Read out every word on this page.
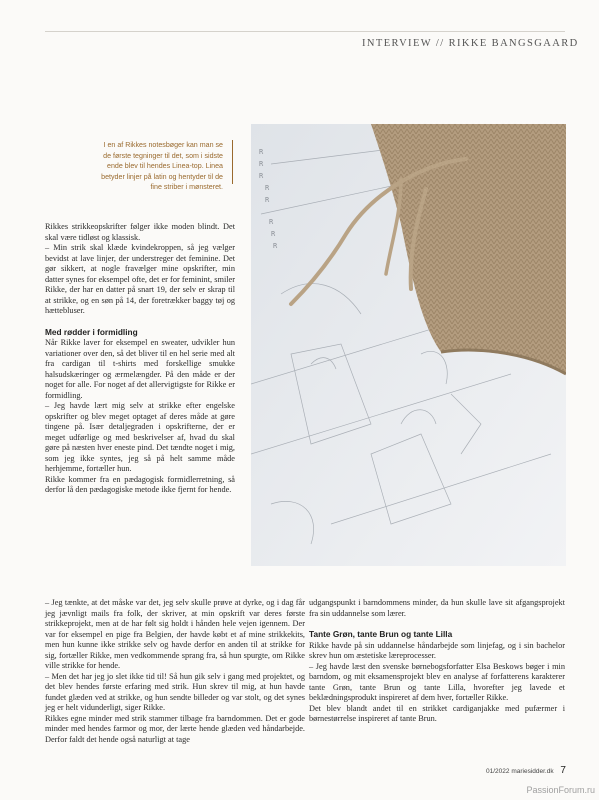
INTERVIEW // RIKKE BANGSGAARD
I en af Rikkes notesbøger kan man se de første tegninger til det, som i sidste ende blev til hendes Linea-top. Linea betyder linjer på latin og hentyder til de fine striber i mønsteret.
R
R
R
R
R
R
R
R

Rikkes strikkeopskrifter følger ikke moden blindt. Det skal være tidløst og klassisk.

– Min strik skal klæde kvindekroppen, så jeg vælger bevidst at lave linjer, der understreger det feminine. Det gør sikkert, at nogle fravælger mine opskrifter, min datter synes for eksempel ofte, det er for feminint, smiler Rikke, der har en datter på snart 19, der selv er skrap til at strikke, og en søn på 14, der foretrækker baggy tøj og hættebluser.

Med rødder i formidling

Når Rikke laver for eksempel en sweater, udvikler hun variationer over den, så det bliver til en hel serie med alt fra cardigan til t-shirts med forskellige smukke halsudskæringer og ærmelængder. På den måde er der noget for alle. For noget af det allervigtigste for Rikke er formidling.

– Jeg havde lært mig selv at strikke efter engelske opskrifter og blev meget optaget af deres måde at gøre tingene på. Især detaljegraden i opskrifterne, der er meget udførlige og med beskrivelser af, hvad du skal gøre på næsten hver eneste pind. Det tændte noget i mig, som jeg ikke syntes, jeg så på helt samme måde herhjemme, fortæller hun.

Rikke kommer fra en pædagogisk formidlerretning, så derfor lå den pædagogiske metode ikke fjernt for hende.

– Jeg tænkte, at det måske var det, jeg selv skulle prøve at dyrke, og i dag får jeg jævnligt mails fra folk, der skriver, at min opskrift var deres første strikkeprojekt, men at de har følt sig holdt i hånden hele vejen igennem. Der var for eksempel en pige fra Belgien, der havde købt et af mine strikkekits, men hun kunne ikke strikke selv og havde derfor en anden til at strikke for sig, fortæller Rikke, men vedkommende sprang fra, så hun spurgte, om Rikke ville strikke for hende.

– Men det har jeg jo slet ikke tid til! Så hun gik selv i gang med projektet, og det blev hendes første erfaring med strik. Hun skrev til mig, at hun havde fundet glæden ved at strikke, og hun sendte billeder og var stolt, og det synes jeg er helt vidunderligt, siger Rikke.

Rikkes egne minder med strik stammer tilbage fra barndommen. Det er gode minder med hendes farmor og mor, der lærte hende glæden ved håndarbejde. Derfor faldt det hende også naturligt at tage

udgangspunkt i barndommens minder, da hun skulle lave sit afgangsprojekt fra sin uddannelse som lærer.

Tante Grøn, tante Brun og tante Lilla

Rikke havde på sin uddannelse håndarbejde som linjefag, og i sin bachelor skrev hun om æstetiske læreprocesser.

– Jeg havde læst den svenske børnebogsforfatter Elsa Beskows bøger i min barndom, og mit eksamensprojekt blev en analyse af forfatterens karakterer tante Grøn, tante Brun og tante Lilla, hvorefter jeg lavede et beklædningsprodukt inspireret af dem hver, fortæller Rikke.

Det blev blandt andet til en strikket cardiganjakke med pufærmer i børnestørrelse inspireret af tante Brun.

01/2022 mariesidder.dk 7
PassionForum.ru
